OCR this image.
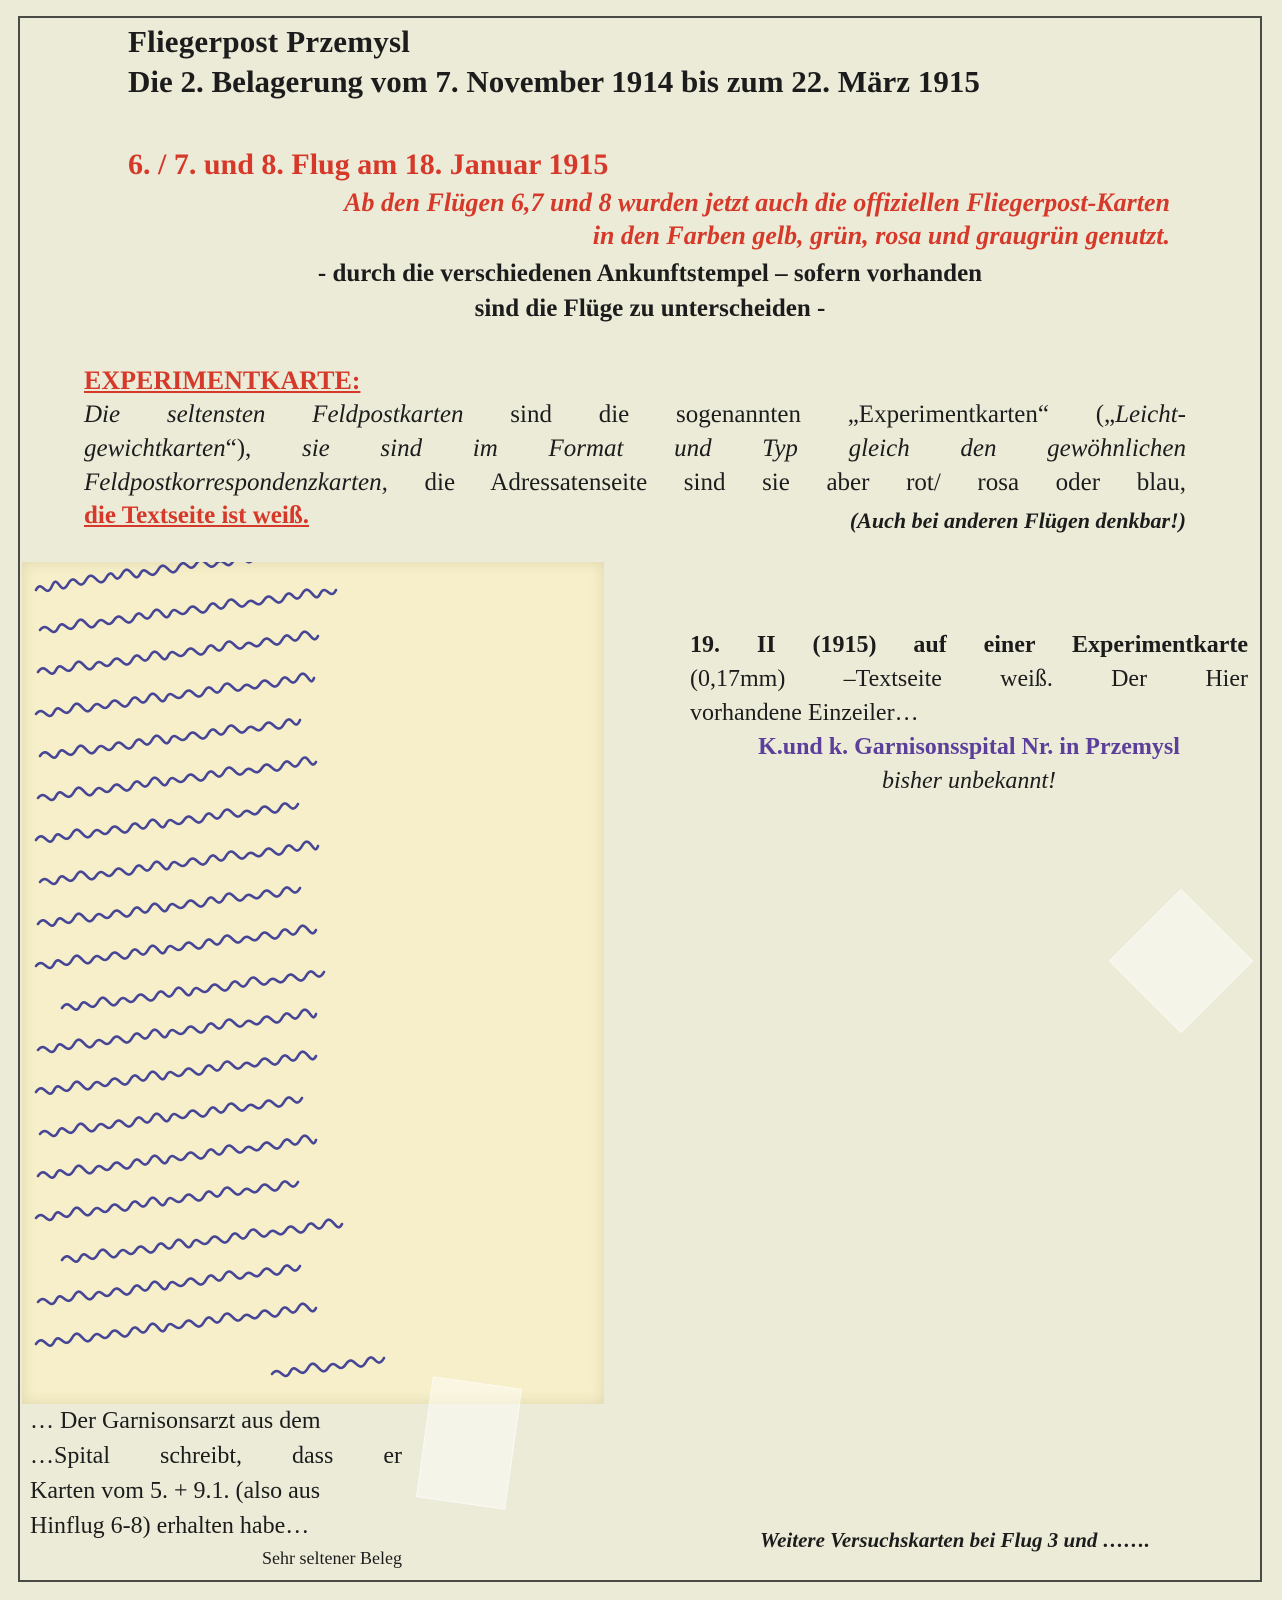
Fliegerpost Przemysl
Die 2. Belagerung vom 7. November 1914 bis zum 22. März 1915
6. / 7. und 8. Flug am 18. Januar 1915
Ab den Flügen 6,7 und 8 wurden jetzt auch die offiziellen Fliegerpost-Karten
in den Farben gelb, grün, rosa und graugrün genutzt.
- durch die verschiedenen Ankunftstempel – sofern vorhanden
sind die Flüge zu unterscheiden -
EXPERIMENTKARTE:
Die seltensten Feldpostkarten sind die sogenannten „Experimentkarten“ („Leicht-
gewichtkarten“), sie sind im Format und Typ gleich den gewöhnlichen
Feldpostkorrespondenzkarten, die Adressatenseite sind sie aber rot/ rosa oder blau,
die Textseite ist weiß.	(Auch bei anderen Flügen denkbar!)
19. II (1915) auf einer Experimentkarte
(0,17mm) –Textseite weiß. Der Hier
vorhandene Einzeiler…
K.und k. Garnisonsspital Nr. in Przemysl
bisher unbekannt!
… Der Garnisonsarzt aus dem
…Spital schreibt, dass er
Karten vom 5. + 9.1. (also aus
Hinflug 6-8) erhalten habe…
Sehr seltener Beleg
Weitere Versuchskarten bei Flug 3 und …….
